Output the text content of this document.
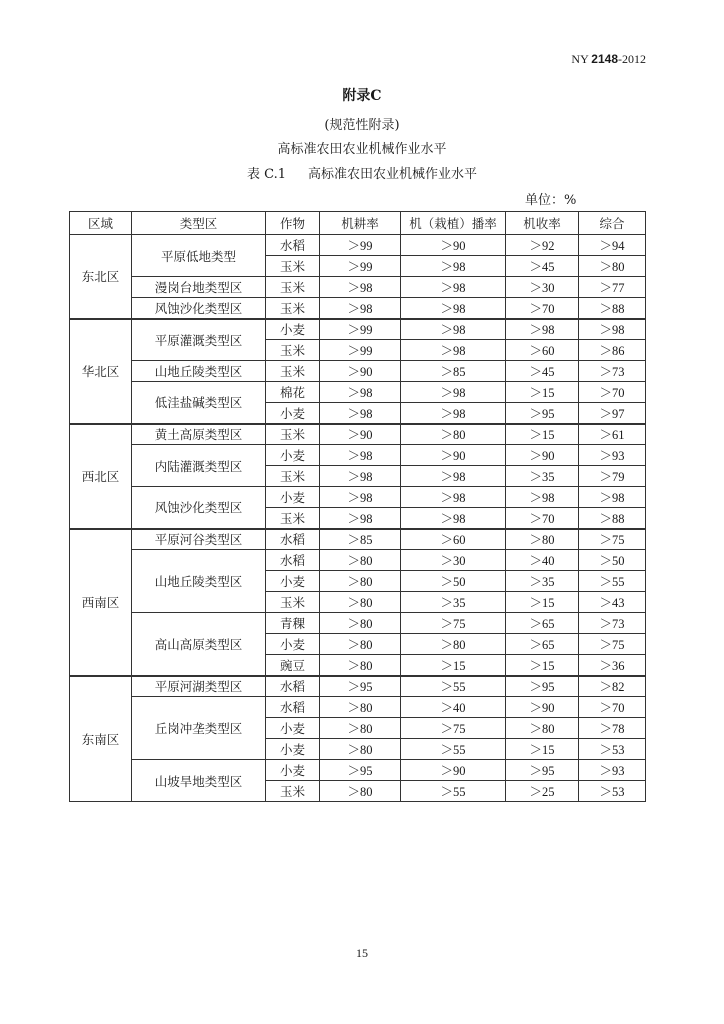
NY 2148-2012
附录C
(规范性附录)
高标准农田农业机械作业水平
表 C.1 高标准农田农业机械作业水平
单位：%
区域	类型区	作物	机耕率	机（栽植）播率	机收率	综合
东北区	平原低地类型	水稻	＞99	＞90	＞92	＞94
		玉米	＞99	＞98	＞45	＞80
	漫岗台地类型区	玉米	＞98	＞98	＞30	＞77
	风蚀沙化类型区	玉米	＞98	＞98	＞70	＞88
华北区	平原灌溉类型区	小麦	＞99	＞98	＞98	＞98
		玉米	＞99	＞98	＞60	＞86
	山地丘陵类型区	玉米	＞90	＞85	＞45	＞73
	低洼盐碱类型区	棉花	＞98	＞98	＞15	＞70
		小麦	＞98	＞98	＞95	＞97
西北区	黄土高原类型区	玉米	＞90	＞80	＞15	＞61
	内陆灌溉类型区	小麦	＞98	＞90	＞90	＞93
		玉米	＞98	＞98	＞35	＞79
	风蚀沙化类型区	小麦	＞98	＞98	＞98	＞98
		玉米	＞98	＞98	＞70	＞88
西南区	平原河谷类型区	水稻	＞85	＞60	＞80	＞75
	山地丘陵类型区	水稻	＞80	＞30	＞40	＞50
		小麦	＞80	＞50	＞35	＞55
		玉米	＞80	＞35	＞15	＞43
	高山高原类型区	青稞	＞80	＞75	＞65	＞73
		小麦	＞80	＞80	＞65	＞75
		豌豆	＞80	＞15	＞15	＞36
东南区	平原河湖类型区	水稻	＞95	＞55	＞95	＞82
	丘岗冲垄类型区	水稻	＞80	＞40	＞90	＞70
		小麦	＞80	＞75	＞80	＞78
		小麦	＞80	＞55	＞15	＞53
	山坡旱地类型区	小麦	＞95	＞90	＞95	＞93
		玉米	＞80	＞55	＞25	＞53
15
